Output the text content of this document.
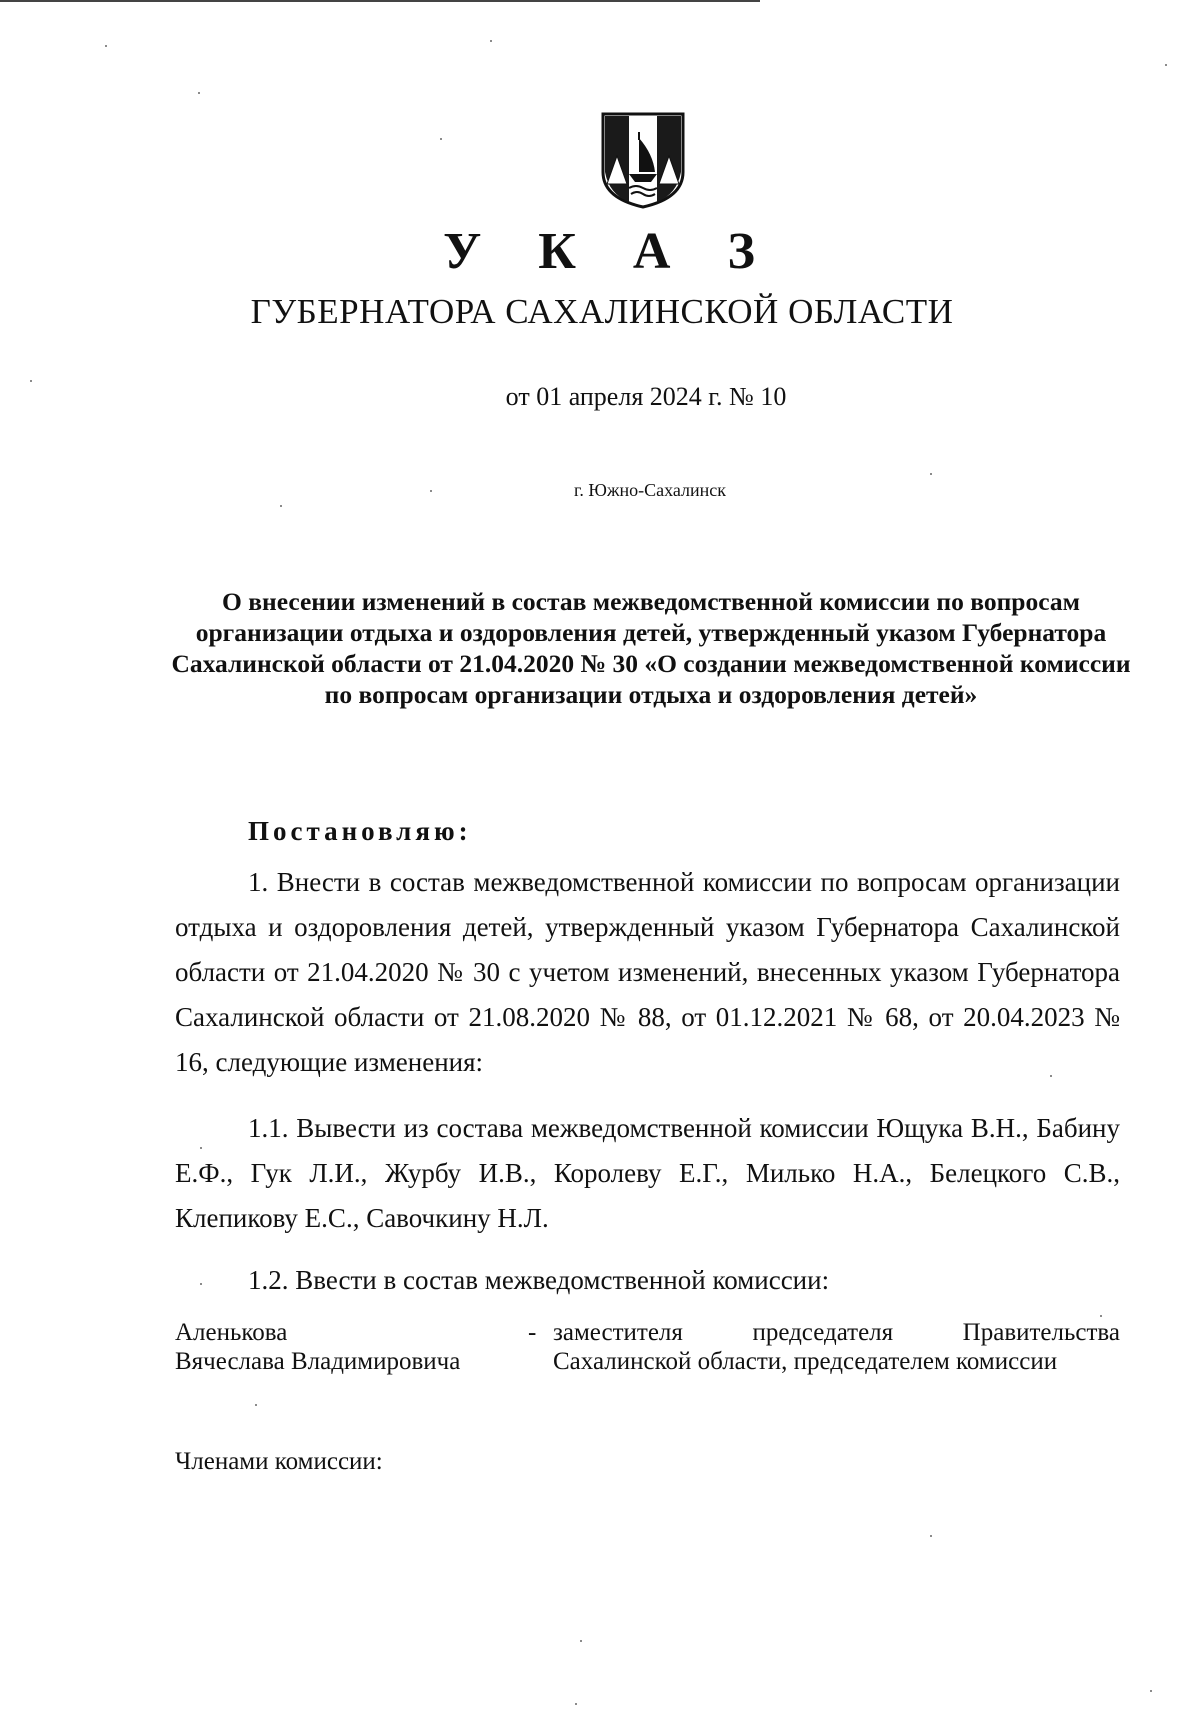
У К А З
ГУБЕРНАТОРА САХАЛИНСКОЙ ОБЛАСТИ
от 01 апреля 2024 г. № 10
г. Южно-Сахалинск
О внесении изменений в состав межведомственной комиссии по вопросам организации отдыха и оздоровления детей, утвержденный указом Губернатора Сахалинской области от 21.04.2020 № 30 «О создании межведомственной комиссии по вопросам организации отдыха и оздоровления детей»
Постановляю:
1. Внести в состав межведомственной комиссии по вопросам организации отдыха и оздоровления детей, утвержденный указом Губернатора Сахалинской области от 21.04.2020 № 30 с учетом изменений, внесенных указом Губернатора Сахалинской области от 21.08.2020 № 88, от 01.12.2021 № 68, от 20.04.2023 № 16, следующие изменения:
1.1. Вывести из состава межведомственной комиссии Ющука В.Н., Бабину Е.Ф., Гук Л.И., Журбу И.В., Королеву Е.Г., Милько Н.А., Белецкого С.В., Клепикову Е.С., Савочкину Н.Л.
1.2. Ввести в состав межведомственной комиссии:
Аленькова
Вячеслава Владимировича
- заместителя председателя Правительства Сахалинской области, председателем комиссии
Членами комиссии:
